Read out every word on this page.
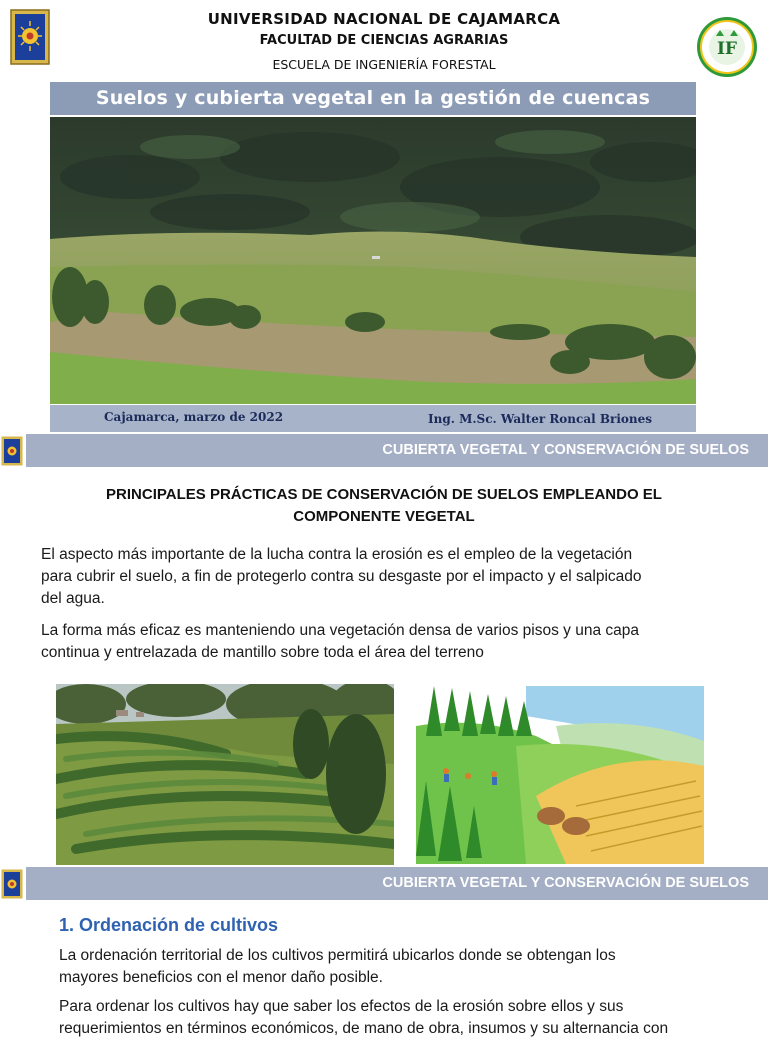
UNIVERSIDAD NACIONAL DE CAJAMARCA
FACULTAD DE CIENCIAS AGRARIAS
ESCUELA DE INGENIERÍA FORESTAL
IF
Suelos y cubierta vegetal en la gestión de cuencas
Cajamarca, marzo de 2022	Ing. M.Sc. Walter Roncal Briones
CUBIERTA VEGETAL Y CONSERVACIÓN DE SUELOS
PRINCIPALES PRÁCTICAS DE CONSERVACIÓN DE SUELOS EMPLEANDO EL
COMPONENTE VEGETAL
El aspecto más importante de la lucha contra la erosión es el empleo de la vegetación
para cubrir el suelo, a fin de protegerlo contra su desgaste por el impacto y el salpicado
del agua.
La forma más eficaz es manteniendo una vegetación densa de varios pisos y una capa
continua y entrelazada de mantillo sobre toda el área del terreno
CUBIERTA VEGETAL Y CONSERVACIÓN DE SUELOS
1. Ordenación de cultivos
La ordenación territorial de los cultivos permitirá ubicarlos donde se obtengan los
mayores beneficios con el menor daño posible.
Para ordenar los cultivos hay que saber los efectos de la erosión sobre ellos y sus
requerimientos en términos económicos, de mano de obra, insumos y su alternancia con
